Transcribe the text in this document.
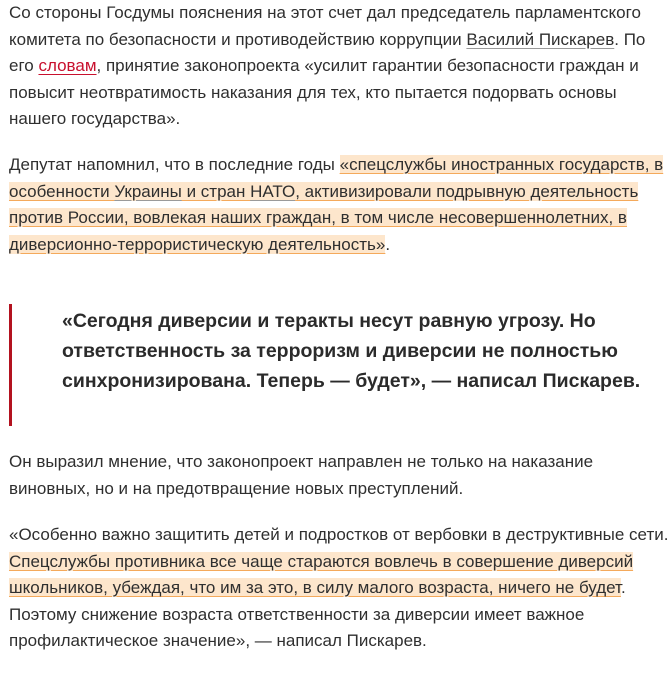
Со стороны Госдумы пояснения на этот счет дал председатель парламентского комитета по безопасности и противодействию коррупции Василий Пискарев. По его словам, принятие законопроекта «усилит гарантии безопасности граждан и повысит неотвратимость наказания для тех, кто пытается подорвать основы нашего государства».

Депутат напомнил, что в последние годы «спецслужбы иностранных государств, в особенности Украины и стран НАТО, активизировали подрывную деятельность против России, вовлекая наших граждан, в том числе несовершеннолетних, в диверсионно-террористическую деятельность».

«Сегодня диверсии и теракты несут равную угрозу. Но ответственность за терроризм и диверсии не полностью синхронизирована. Теперь — будет», — написал Пискарев.

Он выразил мнение, что законопроект направлен не только на наказание виновных, но и на предотвращение новых преступлений.

«Особенно важно защитить детей и подростков от вербовки в деструктивные сети. Спецслужбы противника все чаще стараются вовлечь в совершение диверсий школьников, убеждая, что им за это, в силу малого возраста, ничего не будет. Поэтому снижение возраста ответственности за диверсии имеет важное профилактическое значение», — написал Пискарев.
